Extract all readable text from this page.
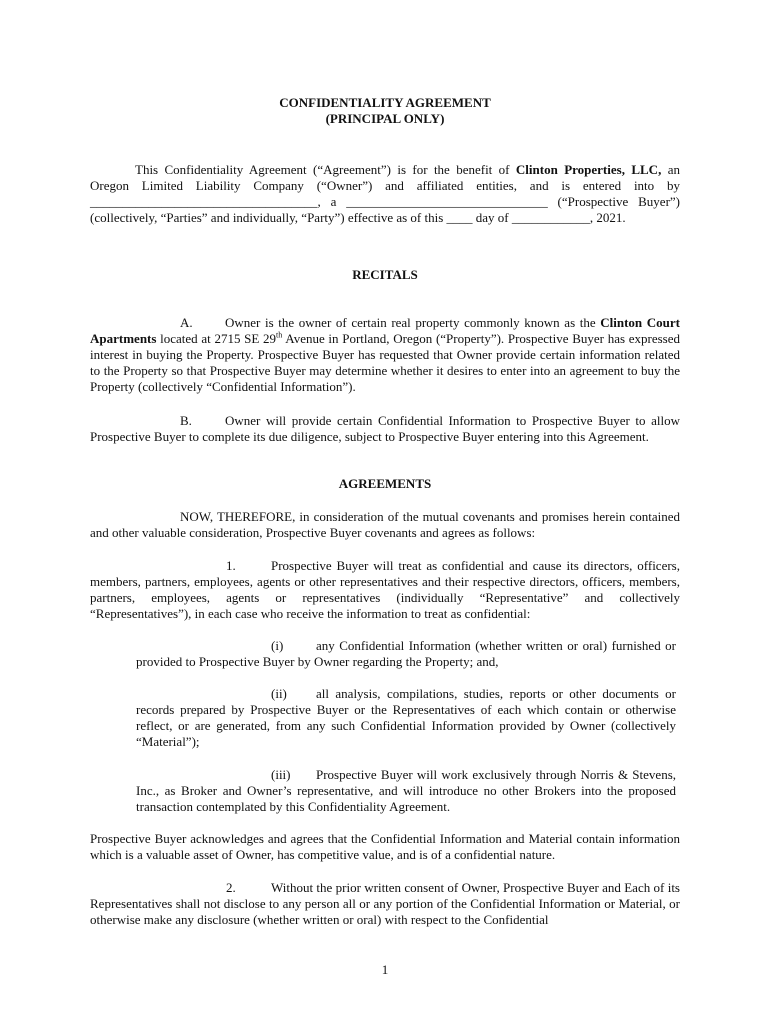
CONFIDENTIALITY AGREEMENT
(PRINCIPAL ONLY)
This Confidentiality Agreement (“Agreement”) is for the benefit of Clinton Properties, LLC, an Oregon Limited Liability Company (“Owner”) and affiliated entities, and is entered into by ___________________________________, a _______________________________ (“Prospective Buyer”) (collectively, “Parties” and individually, “Party”) effective as of this ____ day of ____________, 2021.
RECITALS
A. Owner is the owner of certain real property commonly known as the Clinton Court Apartments located at 2715 SE 29th Avenue in Portland, Oregon (“Property”). Prospective Buyer has expressed interest in buying the Property. Prospective Buyer has requested that Owner provide certain information related to the Property so that Prospective Buyer may determine whether it desires to enter into an agreement to buy the Property (collectively “Confidential Information”).
B.	Owner will provide certain Confidential Information to Prospective Buyer to allow Prospective Buyer to complete its due diligence, subject to Prospective Buyer entering into this Agreement.
AGREEMENTS
NOW, THEREFORE, in consideration of the mutual covenants and promises herein contained and other valuable consideration, Prospective Buyer covenants and agrees as follows:
1.	Prospective Buyer will treat as confidential and cause its directors, officers, members, partners, employees, agents or other representatives and their respective directors, officers, members, partners, employees, agents or representatives (individually “Representative” and collectively “Representatives”), in each case who receive the information to treat as confidential:
(i)	any Confidential Information (whether written or oral) furnished or provided to Prospective Buyer by Owner regarding the Property; and,
(ii) all analysis, compilations, studies, reports or other documents or records prepared by Prospective Buyer or the Representatives of each which contain or otherwise reflect, or are generated, from any such Confidential Information provided by Owner (collectively “Material”);
(iii) Prospective Buyer will work exclusively through Norris & Stevens, Inc., as Broker and Owner’s representative, and will introduce no other Brokers into the proposed transaction contemplated by this Confidentiality Agreement.
Prospective Buyer acknowledges and agrees that the Confidential Information and Material contain information which is a valuable asset of Owner, has competitive value, and is of a confidential nature.
2.	Without the prior written consent of Owner, Prospective Buyer and Each of its Representatives shall not disclose to any person all or any portion of the Confidential Information or Material, or otherwise make any disclosure (whether written or oral) with respect to the Confidential
1
